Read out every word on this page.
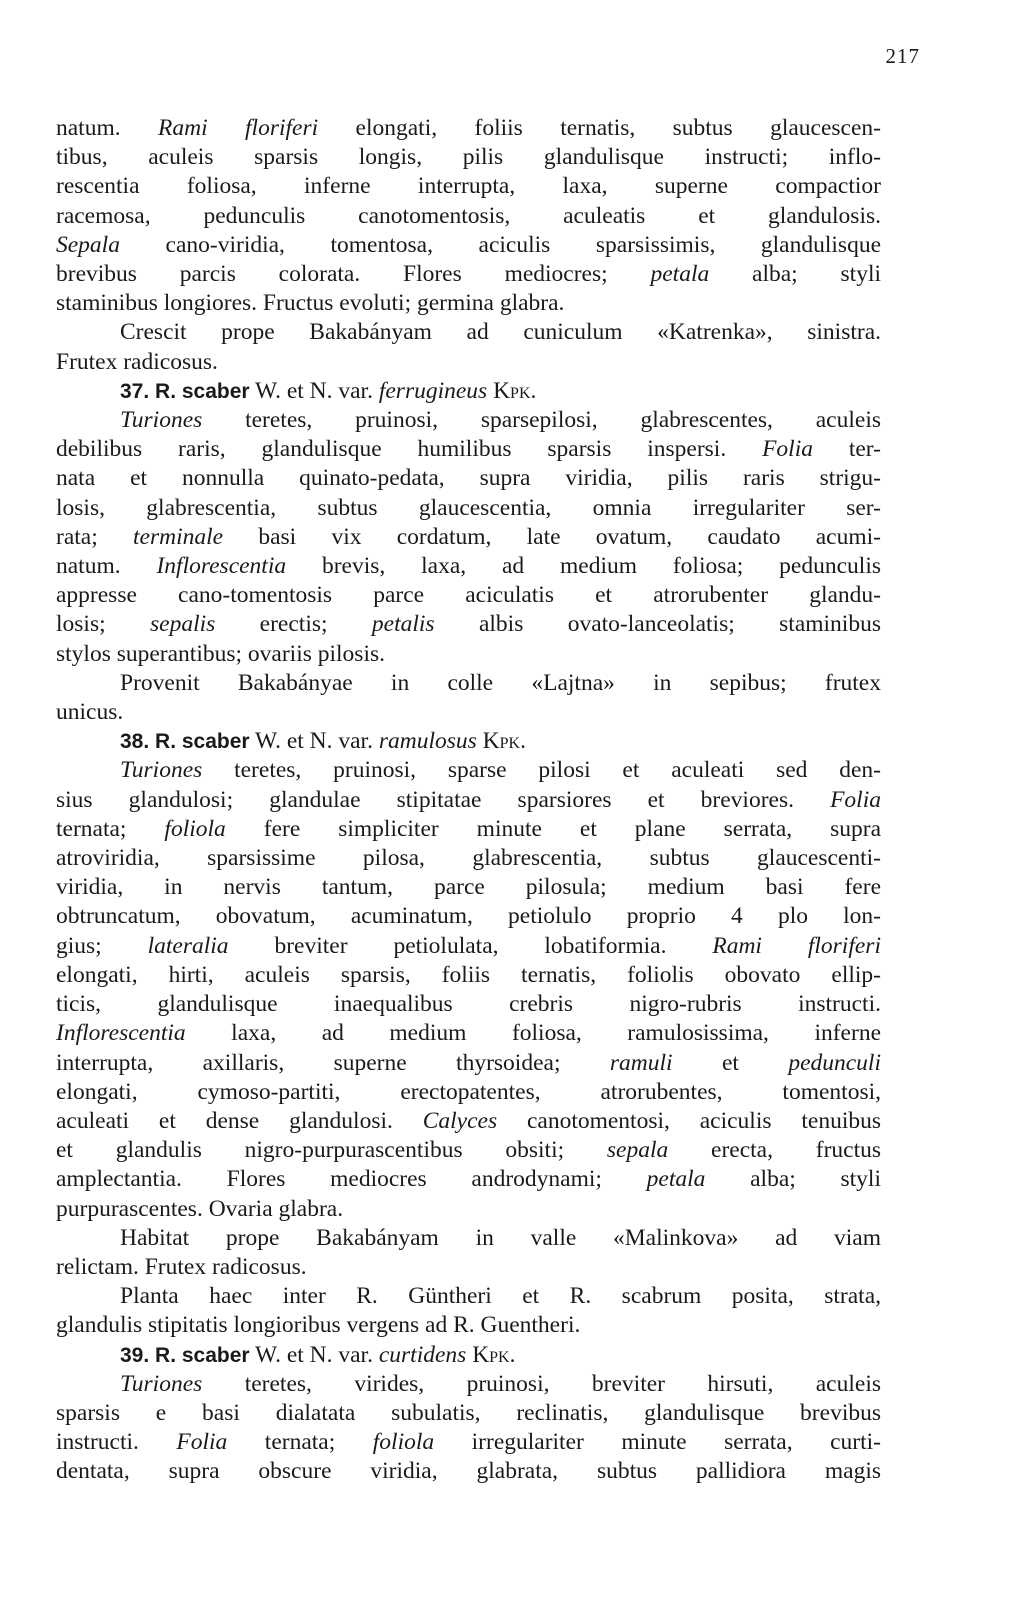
217
natum. Rami floriferi elongati, foliis ternatis, subtus glaucescen-
tibus, aculeis sparsis longis, pilis glandulisque instructi; inflo-
rescentia foliosa, inferne interrupta, laxa, superne compactior
racemosa, pedunculis canotomentosis, aculeatis et glandulosis.
Sepala cano-viridia, tomentosa, aciculis sparsissimis, glandulisque
brevibus parcis colorata. Flores mediocres; petala alba; styli
staminibus longiores. Fructus evoluti; germina glabra.
Crescit prope Bakabányam ad cuniculum «Katrenka», sinistra.
Frutex radicosus.
37. R. scaber W. et N. var. ferrugineus Kpk.
Turiones teretes, pruinosi, sparsepilosi, glabrescentes, aculeis
debilibus raris, glandulisque humilibus sparsis inspersi. Folia ter-
nata et nonnulla quinato-pedata, supra viridia, pilis raris strigu-
losis, glabrescentia, subtus glaucescentia, omnia irregulariter ser-
rata; terminale basi vix cordatum, late ovatum, caudato acumi-
natum. Inflorescentia brevis, laxa, ad medium foliosa; pedunculis
appresse cano-tomentosis parce aciculatis et atrorubenter glandu-
losis; sepalis erectis; petalis albis ovato-lanceolatis; staminibus
stylos superantibus; ovariis pilosis.
Provenit Bakabányae in colle «Lajtna» in sepibus; frutex
unicus.
38. R. scaber W. et N. var. ramulosus Kpk.
Turiones teretes, pruinosi, sparse pilosi et aculeati sed den-
sius glandulosi; glandulae stipitatae sparsiores et breviores. Folia
ternata; foliola fere simpliciter minute et plane serrata, supra
atroviridia, sparsissime pilosa, glabrescentia, subtus glaucescenti-
viridia, in nervis tantum, parce pilosula; medium basi fere
obtruncatum, obovatum, acuminatum, petiolulo proprio 4 plo lon-
gius; lateralia breviter petiolulata, lobatiformia. Rami floriferi
elongati, hirti, aculeis sparsis, foliis ternatis, foliolis obovato ellip-
ticis, glandulisque inaequalibus crebris nigro-rubris instructi.
Inflorescentia laxa, ad medium foliosa, ramulosissima, inferne
interrupta, axillaris, superne thyrsoidea; ramuli et pedunculi
elongati, cymoso-partiti, erectopatentes, atrorubentes, tomentosi,
aculeati et dense glandulosi. Calyces canotomentosi, aciculis tenuibus
et glandulis nigro-purpurascentibus obsiti; sepala erecta, fructus
amplectantia. Flores mediocres androdynami; petala alba; styli
purpurascentes. Ovaria glabra.
Habitat prope Bakabányam in valle «Malinkova» ad viam
relictam. Frutex radicosus.
Planta haec inter R. Güntheri et R. scabrum posita, strata,
glandulis stipitatis longioribus vergens ad R. Guentheri.
39. R. scaber W. et N. var. curtidens Kpk.
Turiones teretes, virides, pruinosi, breviter hirsuti, aculeis
sparsis e basi dialatata subulatis, reclinatis, glandulisque brevibus
instructi. Folia ternata; foliola irregulariter minute serrata, curti-
dentata, supra obscure viridia, glabrata, subtus pallidiora magis
